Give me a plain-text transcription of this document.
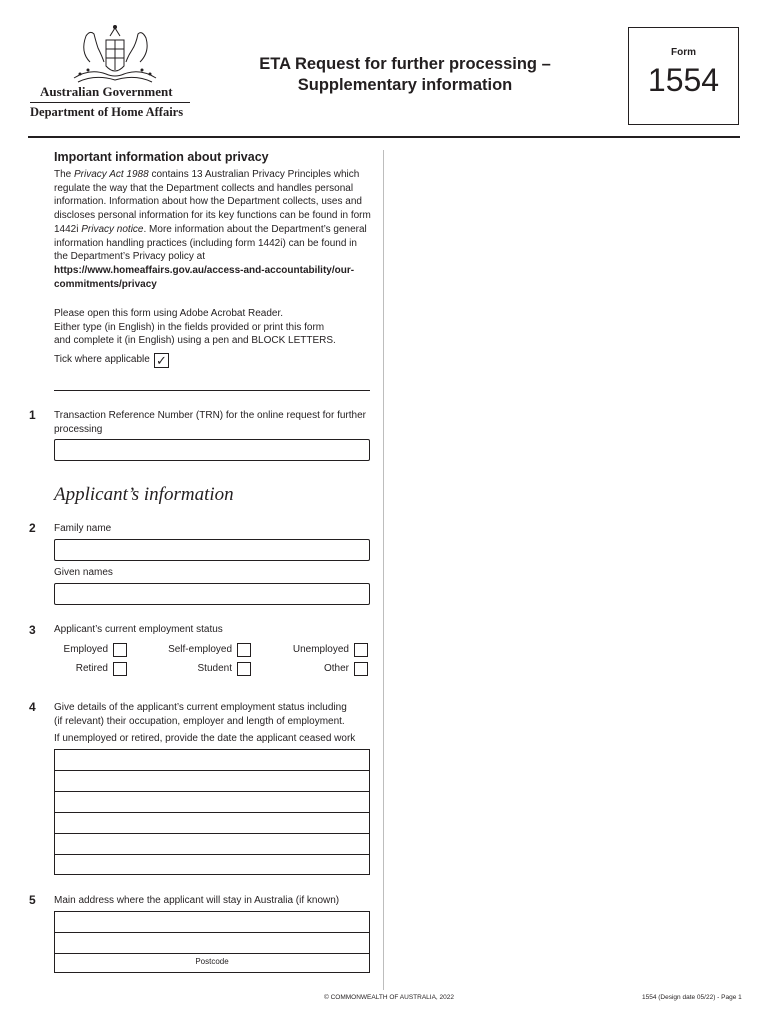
Australian Government
Department of Home Affairs
ETA Request for further processing –
Supplementary information
Form
1554
Important information about privacy
The Privacy Act 1988 contains 13 Australian Privacy Principles which regulate the way that the Department collects and handles personal information. Information about how the Department collects, uses and discloses personal information for its key functions can be found in form 1442i Privacy notice. More information about the Department’s general information handling practices (including form 1442i) can be found in the Department’s Privacy policy at
https://www.homeaffairs.gov.au/access-and-accountability/our-commitments/privacy
Please open this form using Adobe Acrobat Reader.
Either type (in English) in the fields provided or print this form
and complete it (in English) using a pen and BLOCK LETTERS.
Tick where applicable ✓
1 Transaction Reference Number (TRN) for the online request for further processing
Applicant’s information
2 Family name
Given names
3 Applicant’s current employment status
Employed	Self-employed	Unemployed
Retired	Student	Other
4 Give details of the applicant’s current employment status including
(if relevant) their occupation, employer and length of employment.
If unemployed or retired, provide the date the applicant ceased work
5 Main address where the applicant will stay in Australia (if known)
Postcode
© COMMONWEALTH OF AUSTRALIA, 2022	1554 (Design date 05/22) - Page 1
